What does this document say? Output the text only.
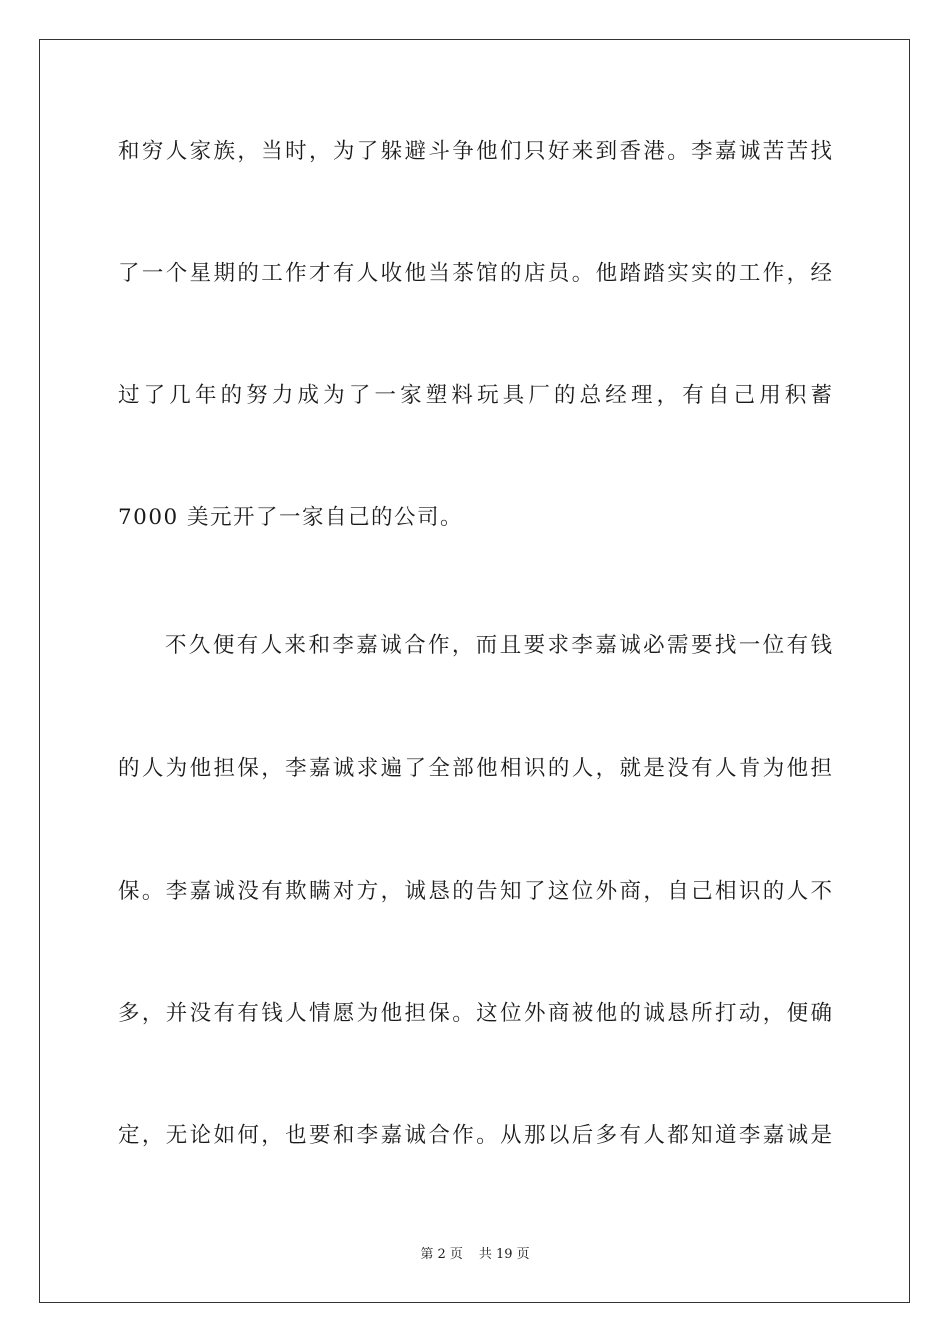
和穷人家族，当时，为了躲避斗争他们只好来到香港。李嘉诚苦苦找
了一个星期的工作才有人收他当茶馆的店员。他踏踏实实的工作，经
过了几年的努力成为了一家塑料玩具厂的总经理，有自己用积蓄
7000 美元开了一家自己的公司。
不久便有人来和李嘉诚合作，而且要求李嘉诚必需要找一位有钱
的人为他担保，李嘉诚求遍了全部他相识的人，就是没有人肯为他担
保。李嘉诚没有欺瞒对方，诚恳的告知了这位外商，自己相识的人不
多，并没有有钱人情愿为他担保。这位外商被他的诚恳所打动，便确
定，无论如何，也要和李嘉诚合作。从那以后多有人都知道李嘉诚是
第 2 页 共 19 页
